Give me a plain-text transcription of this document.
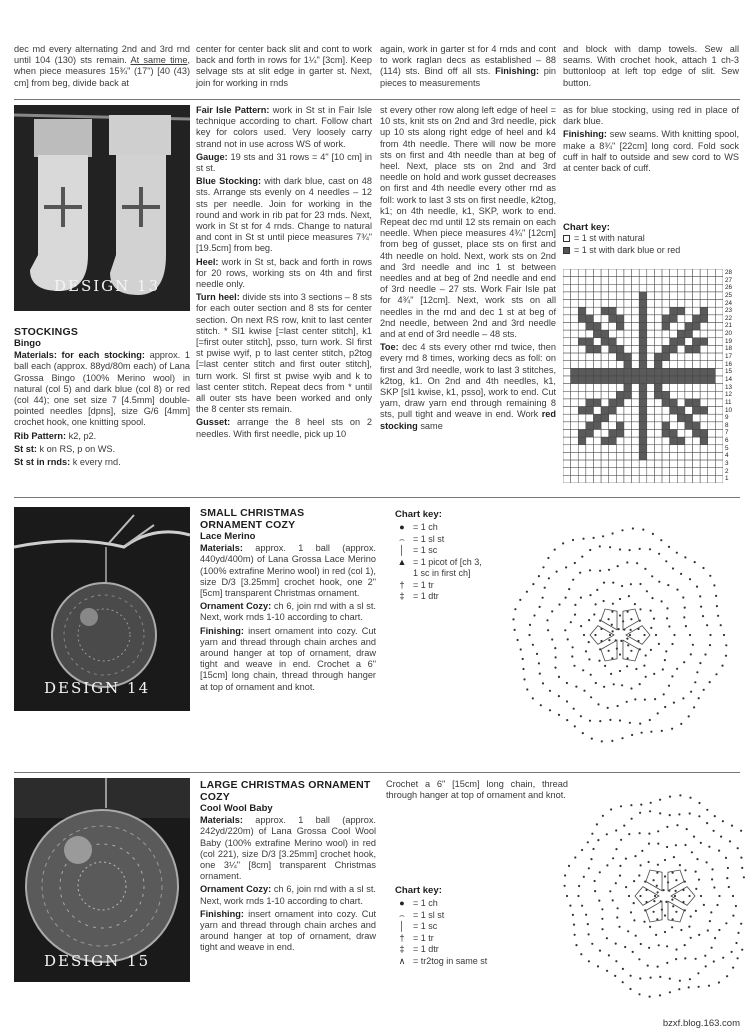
dec md every alternating 2nd and 3rd rnd until 104 (130) sts remain. At same time, when piece measures 15¾" (17") [40 (43) cm] from beg, divide back at
center for center back slit and cont to work back and forth in rows for 1¼" [3cm]. Keep selvage sts at slit edge in garter st. Next, join for working in rnds
again, work in garter st for 4 rnds and cont to work raglan decs as established – 88 (114) sts. Bind off all sts. Finishing: pin pieces to measurements
and block with damp towels. Sew all seams. With crochet hook, attach 1 ch-3 buttonloop at left top edge of slit. Sew button.
DESIGN 13
STOCKINGS
Bingo

Materials: for each stocking: approx. 1 ball each (approx. 88yd/80m each) of Lana Grossa Bingo (100% Merino wool) in natural (col 5) and dark blue (col 8) or red (col 44); one set size 7 [4.5mm] double-pointed needles [dpns], size G/6 [4mm] crochet hook, one knitting spool.

Rib Pattern: k2, p2.

St st: k on RS, p on WS.

St st in rnds: k every rnd.

Fair Isle Pattern: work in St st in Fair Isle technique according to chart. Follow chart key for colors used. Very loosely carry strand not in use across WS of work.

Gauge: 19 sts and 31 rows = 4" [10 cm] in st st.

Blue Stocking: with dark blue, cast on 48 sts. Arrange sts evenly on 4 needles – 12 sts per needle. Join for working in the round and work in rib pat for 23 rnds. Next, work in St st for 4 rnds. Change to natural and cont in St st until piece measures 7¾" [19.5cm] from beg.

Heel: work in St st, back and forth in rows for 20 rows, working sts on 4th and first needle only.

Turn heel: divide sts into 3 sections – 8 sts for each outer section and 8 sts for center section. On next RS row, knit to last center stitch. * Sl1 kwise [=last center stitch], k1 [=first outer stitch], psso, turn work. Sl first st pwise wyif, p to last center stitch, p2tog [=last center stitch and first outer stitch], turn work. Sl first st pwise wyib and k to last center stitch. Repeat decs from * until all outer sts have been worked and only the 8 center sts remain.

Gusset: arrange the 8 heel sts on 2 needles. With first needle, pick up 10

st every other row along left edge of heel = 10 sts, knit sts on 2nd and 3rd needle, pick up 10 sts along right edge of heel and k4 from 4th needle. There will now be more sts on first and 4th needle than at beg of heel. Next, place sts on 2nd and 3rd needle on hold and work gusset decreases on first and 4th needle every other rnd as foll: work to last 3 sts on first needle, k2tog, k1; on 4th needle, k1, SKP, work to end. Repeat dec rnd until 12 sts remain on each needle. When piece measures 4¾" [12cm] from beg of gusset, place sts on first and 4th needle on hold. Next, work sts on 2nd and 3rd needle and inc 1 st between needles and at beg of 2nd needle and end of 3rd needle – 27 sts. Work Fair Isle pat for 4¾" [12cm]. Next, work sts on all needles in the rnd and dec 1 st at beg of 2nd needle, between 2nd and 3rd needle and at end of 3rd needle – 48 sts.

Toe: dec 4 sts every other rnd twice, then every rnd 8 times, working decs as foll: on first and 3rd needle, work to last 3 stitches, k2tog, k1. On 2nd and 4th needles, k1, SKP [sl1 kwise, k1, psso], work to end. Cut yarn, draw yarn end through remaining 8 sts, pull tight and weave in end. Work red stocking same

as for blue stocking, using red in place of dark blue.

Finishing: sew seams. With knitting spool, make a 8¾" [22cm] long cord. Fold sock cuff in half to outside and sew cord to WS at center back of cuff.

Chart key:
= 1 st with natural
= 1 st with dark blue or red
28
27
26
25
24
23
22
21
20
19
18
17
16
15
14
13
12
11
10
9
8
7
6
5
4
3
2
1
DESIGN 14
SMALL CHRISTMAS
ORNAMENT COZY
Lace Merino

Materials: approx. 1 ball (approx. 440yd/400m) of Lana Grossa Lace Merino (100% extrafine Merino wool) in red (col 1), size D/3 [3.25mm] crochet hook, one 2" [5cm] transparent Christmas ornament.

Ornament Cozy: ch 6, join rnd with a sl st. Next, work rnds 1-10 according to chart.

Finishing: insert ornament into cozy. Cut yarn and thread through chain arches and around hanger at top of ornament, draw tight and weave in end. Crochet a 6" [15cm] long chain, thread through hanger at top of ornament and knot.

Chart key:
● = 1 ch
⌢ = 1 sl st
│ = 1 sc
▲ = 1 picot of [ch 3,
1 sc in first ch]
† = 1 tr
‡ = 1 dtr
DESIGN 15
LARGE CHRISTMAS ORNAMENT
COZY
Cool Wool Baby

Materials: approx. 1 ball (approx. 242yd/220m) of Lana Grossa Cool Wool Baby (100% extrafine Merino wool) in red (col 221), size D/3 [3.25mm] crochet hook, one 3¼" [8cm] transparent Christmas ornament.

Ornament Cozy: ch 6, join rnd with a sl st. Next, work rnds 1-10 according to chart.

Finishing: insert ornament into cozy. Cut yarn and thread through chain arches and around hanger at top of ornament, draw tight and weave in end.

Crochet a 6" [15cm] long chain, thread through hanger at top of ornament and knot.
Chart key:
● = 1 ch
⌢ = 1 sl st
│ = 1 sc
† = 1 tr
‡ = 1 dtr
∧ = tr2tog in same st
bzxf.blog.163.com
